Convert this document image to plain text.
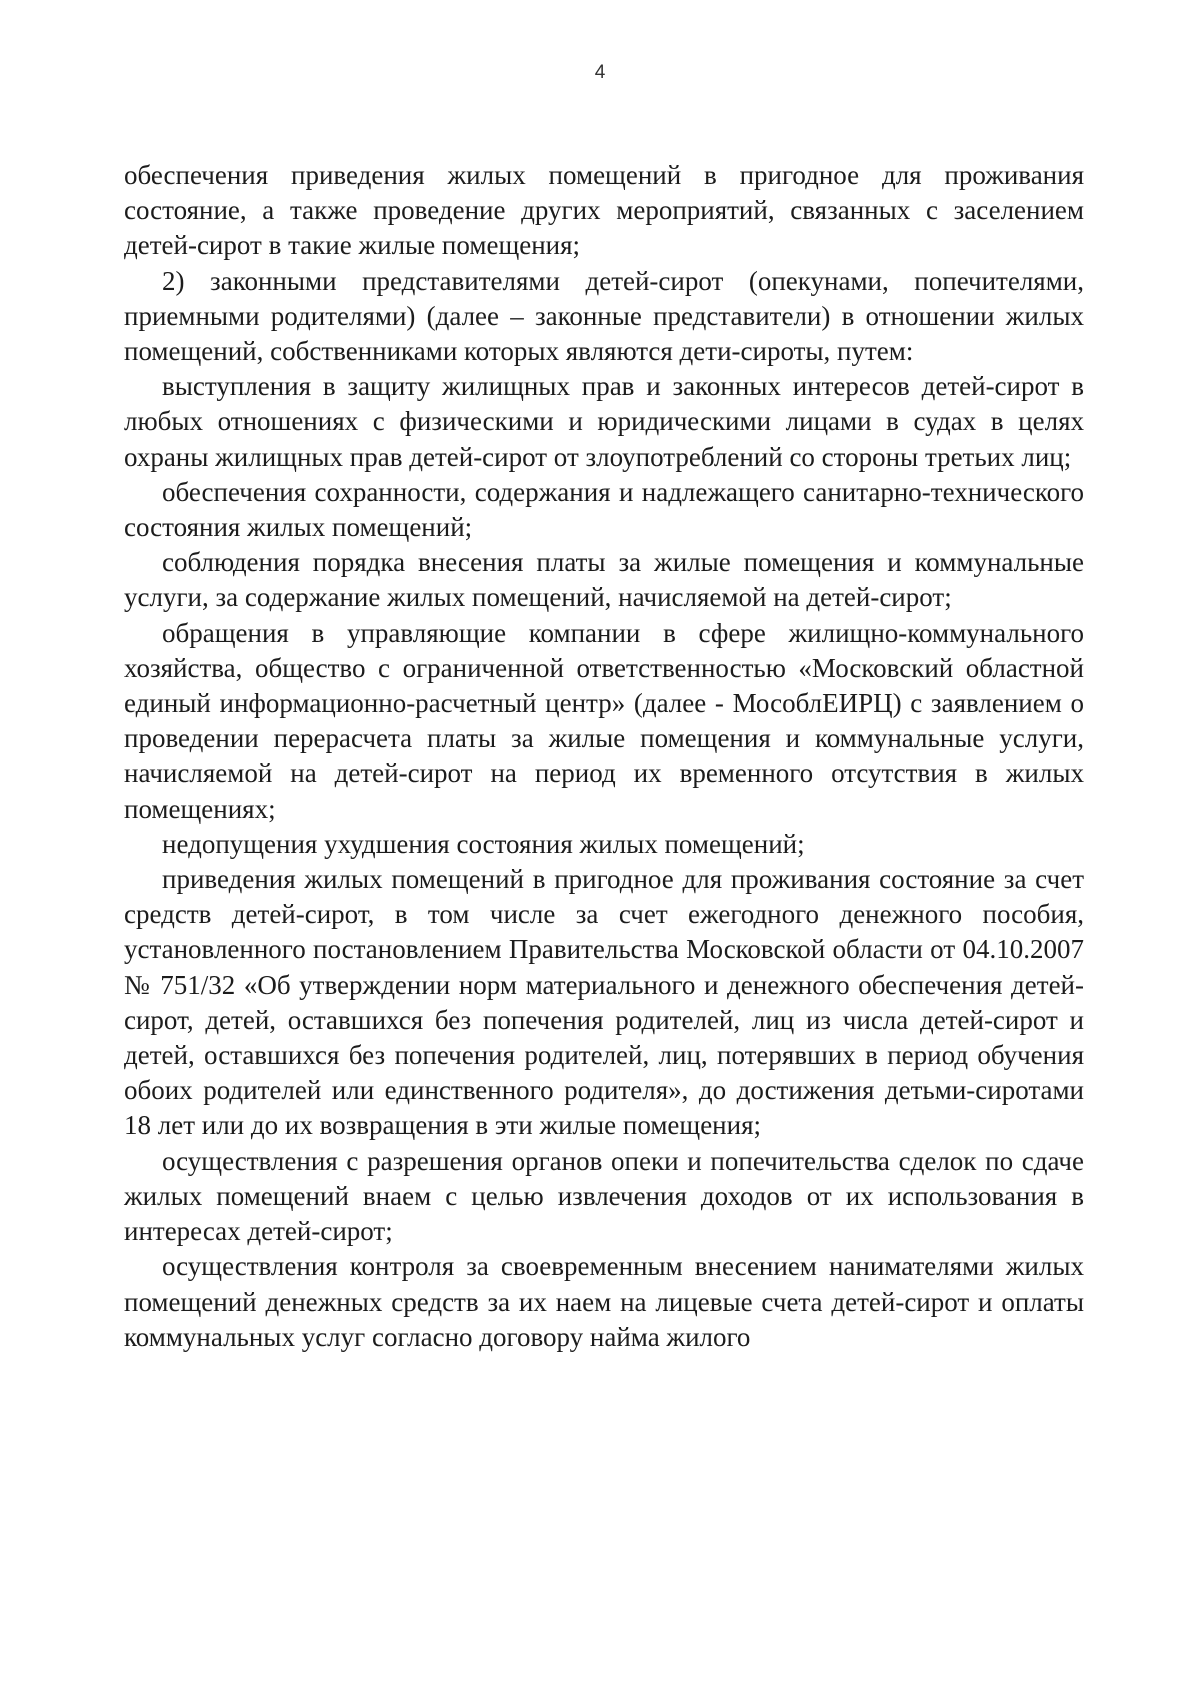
4

обеспечения приведения жилых помещений в пригодное для проживания состояние, а также проведение других мероприятий, связанных с заселением детей-сирот в такие жилые помещения;

2) законными представителями детей-сирот (опекунами, попечителями, приемными родителями) (далее – законные представители) в отношении жилых помещений, собственниками которых являются дети-сироты, путем:

выступления в защиту жилищных прав и законных интересов детей-сирот в любых отношениях с физическими и юридическими лицами в судах в целях охраны жилищных прав детей-сирот от злоупотреблений со стороны третьих лиц;

обеспечения сохранности, содержания и надлежащего санитарно-технического состояния жилых помещений;

соблюдения порядка внесения платы за жилые помещения и коммунальные услуги, за содержание жилых помещений, начисляемой на детей-сирот;

обращения в управляющие компании в сфере жилищно-коммунального хозяйства, общество с ограниченной ответственностью «Московский областной единый информационно-расчетный центр» (далее - МособлЕИРЦ) с заявлением о проведении перерасчета платы за жилые помещения и коммунальные услуги, начисляемой на детей-сирот на период их временного отсутствия в жилых помещениях;

недопущения ухудшения состояния жилых помещений;

приведения жилых помещений в пригодное для проживания состояние за счет средств детей-сирот, в том числе за счет ежегодного денежного пособия, установленного постановлением Правительства Московской области от 04.10.2007 № 751/32 «Об утверждении норм материального и денежного обеспечения детей-сирот, детей, оставшихся без попечения родителей, лиц из числа детей-сирот и детей, оставшихся без попечения родителей, лиц, потерявших в период обучения обоих родителей или единственного родителя», до достижения детьми-сиротами 18 лет или до их возвращения в эти жилые помещения;

осуществления с разрешения органов опеки и попечительства сделок по сдаче жилых помещений внаем с целью извлечения доходов от их использования в интересах детей-сирот;

осуществления контроля за своевременным внесением нанимателями жилых помещений денежных средств за их наем на лицевые счета детей-сирот и оплаты коммунальных услуг согласно договору найма жилого
